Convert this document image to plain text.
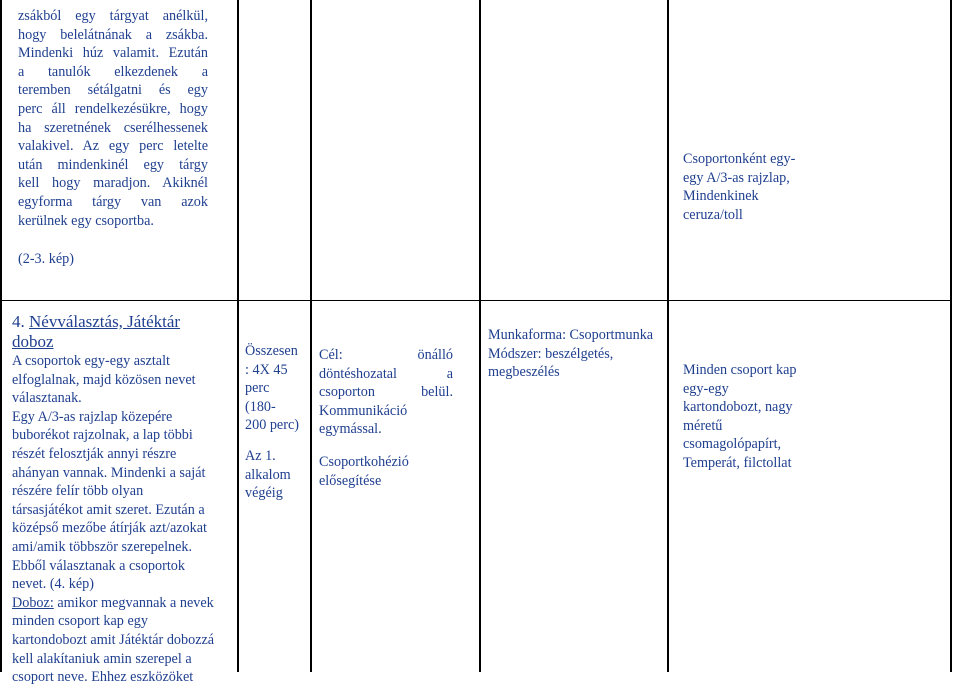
zsákból egy tárgyat anélkül,
hogy belelátnának a zsákba.
Mindenki húz valamit. Ezután
a tanulók elkezdenek a
teremben sétálgatni és egy
perc áll rendelkezésükre, hogy
ha szeretnének cserélhessenek
valakivel. Az egy perc letelte
után mindenkinél egy tárgy
kell hogy maradjon. Akiknél
egyforma tárgy van azok
kerülnek egy csoportba.
(2-3. kép)
Csoportonként egy-
egy A/3-as rajzlap,
Mindenkinek
ceruza/toll
4. Névválasztás, Játéktár
doboz
A csoportok egy-egy asztalt
elfoglalnak, majd közösen nevet
választanak.
Egy A/3-as rajzlap közepére
buborékot rajzolnak, a lap többi
részét felosztják annyi részre
ahányan vannak. Mindenki a saját
részére felír több olyan
társasjátékot amit szeret. Ezután a
középső mezőbe átírják azt/azokat
ami/amik többször szerepelnek.
Ebből választanak a csoportok
nevet. (4. kép)
Doboz: amikor megvannak a nevek
minden csoport kap egy
kartondobozt amit Játéktár dobozzá
kell alakítaniuk amin szerepel a
csoport neve. Ehhez eszközöket
Összesen
: 4X 45
perc
(180-
200 perc)
Az 1.
alkalom
végéig
Cél: önálló
döntéshozatal a
csoporton belül.
Kommunikáció
egymással.
Csoportkohézió
elősegítése
Munkaforma: Csoportmunka
Módszer: beszélgetés,
megbeszélés	Minden csoport kap
egy-egy
kartondobozt, nagy
méretű
csomagolópapírt,
Temperát, filctollat
